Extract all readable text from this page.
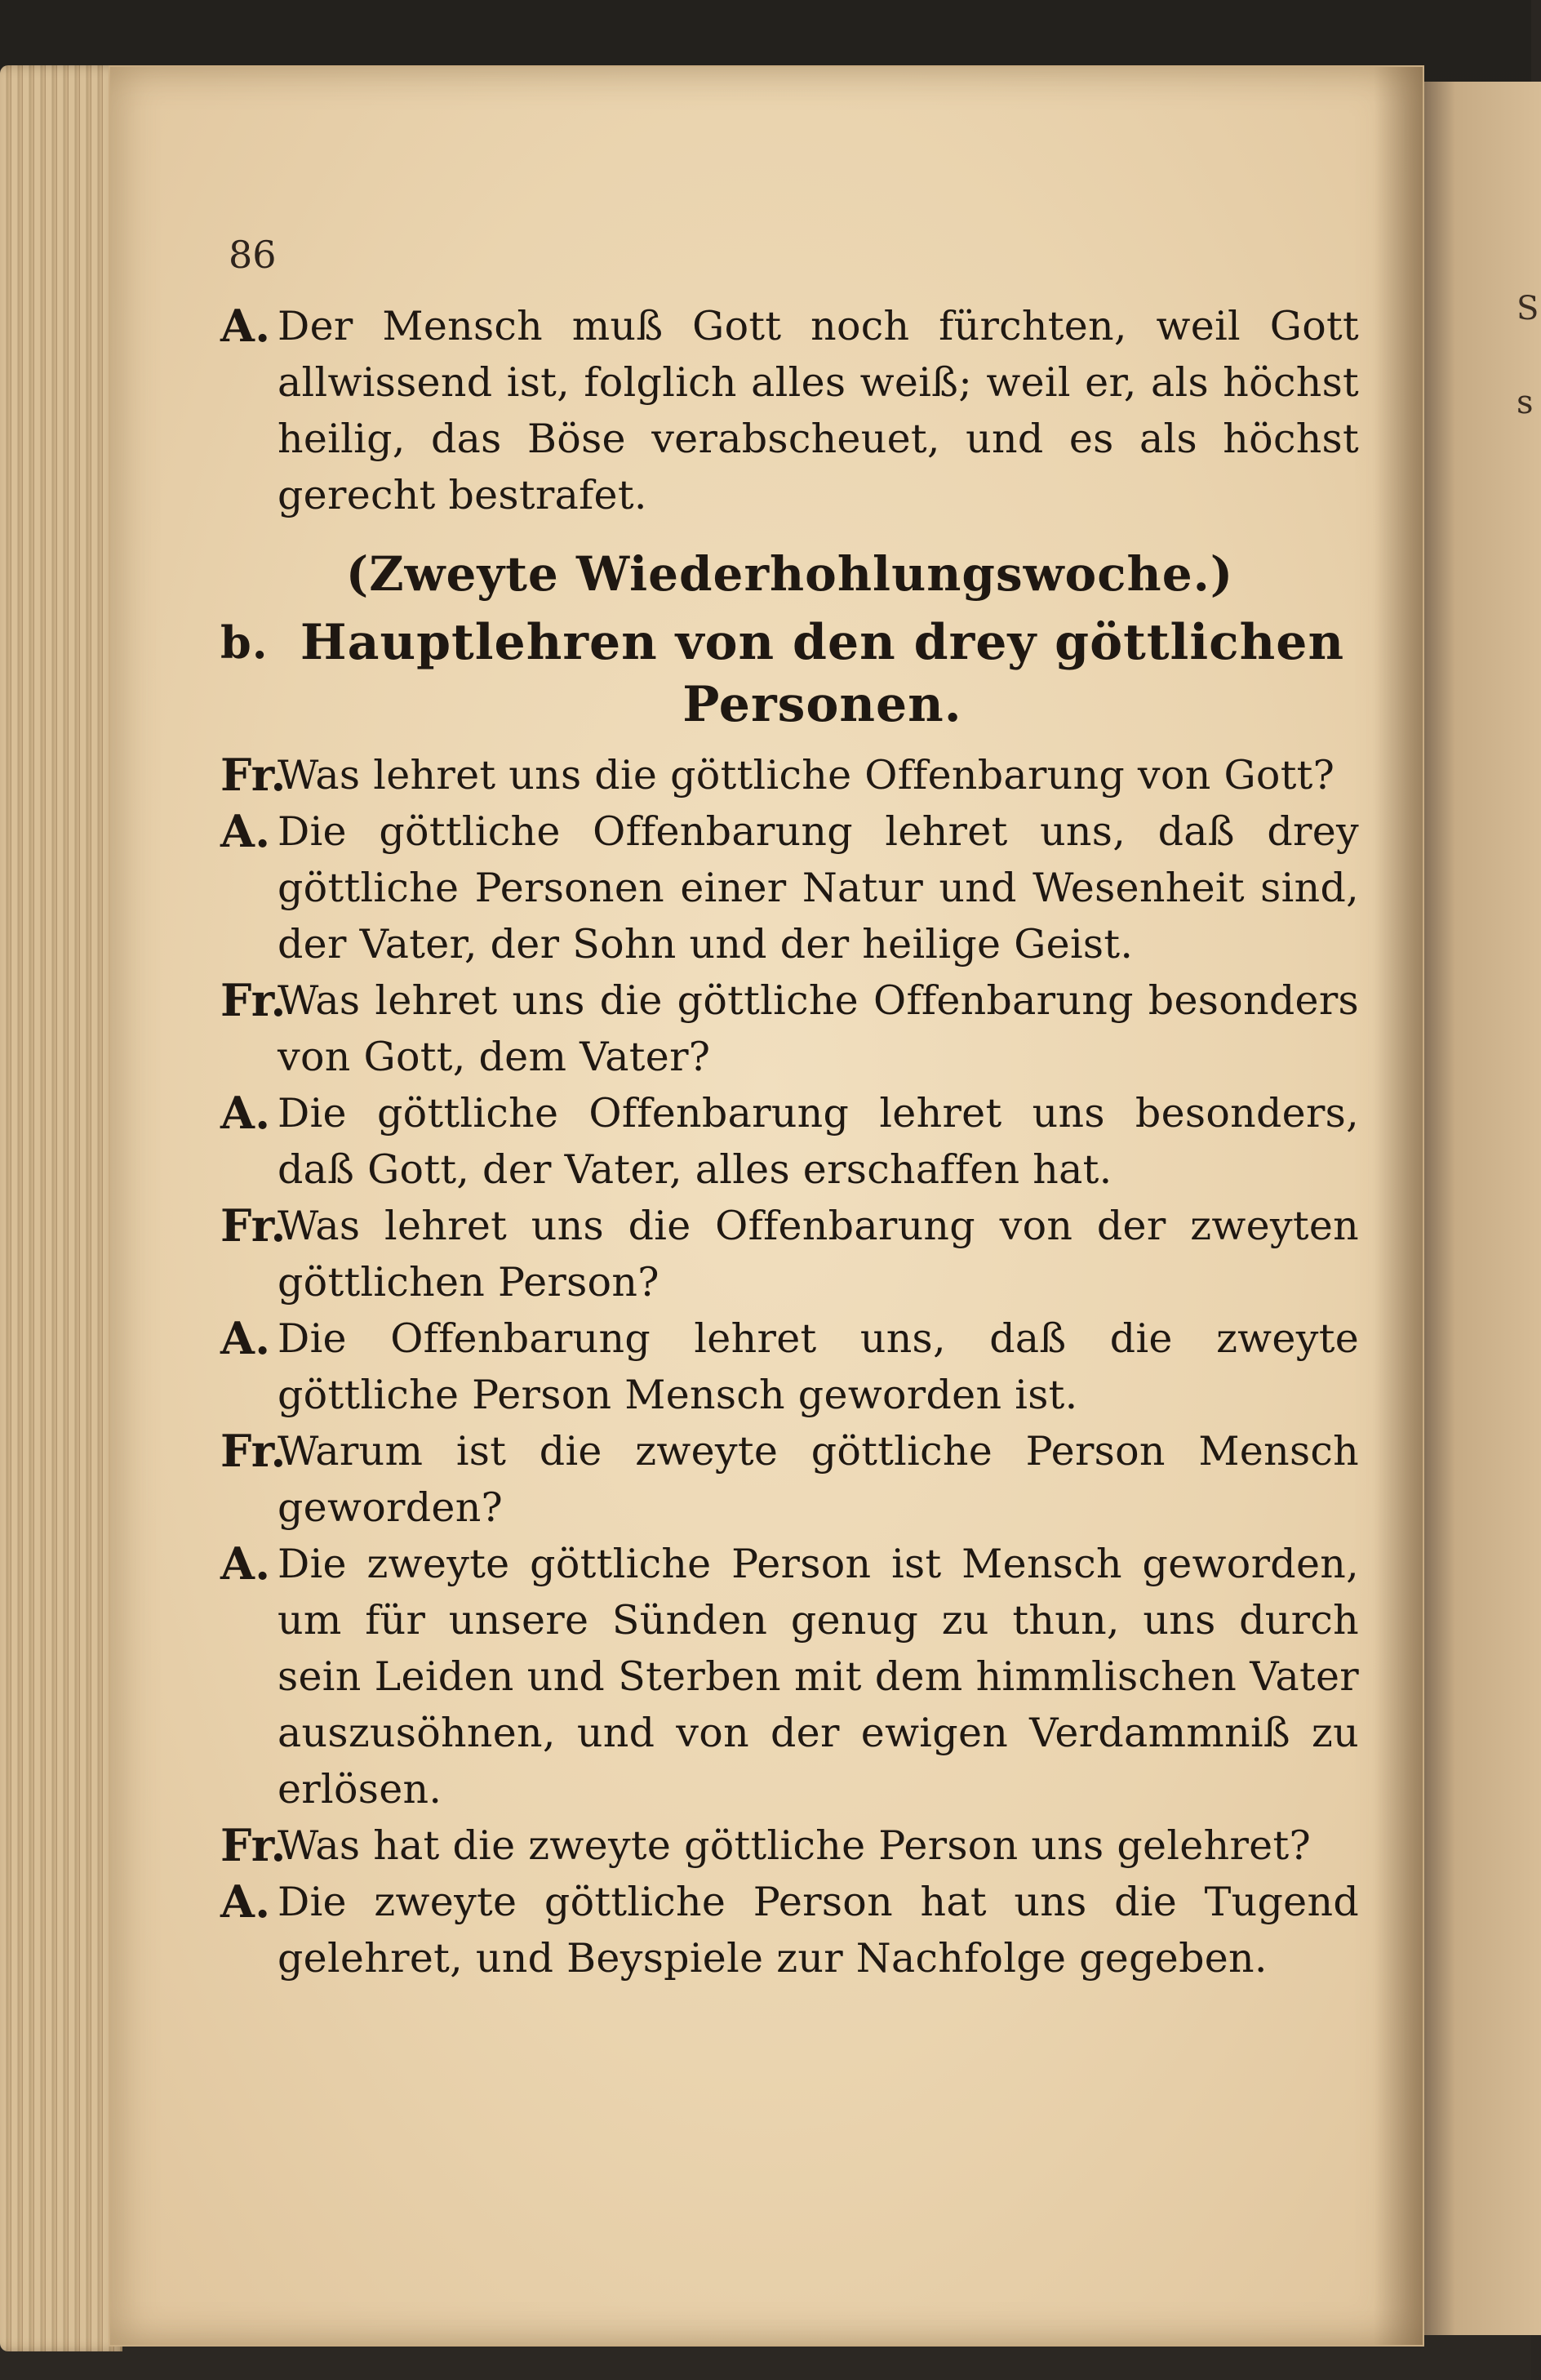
S
s
86

A. Der Mensch muß Gott noch fürchten, weil Gott allwissend ist, folglich alles weiß; weil er, als höchst heilig, das Böse verabscheuet, und es als höchst gerecht bestrafet.

(Zweyte Wiederhohlungswoche.)
b. Hauptlehren von den drey göttlichen Personen.

Fr.
Was lehret uns die göttliche Offenbarung von Gott?

A. Die göttliche Offenbarung lehret uns, daß drey göttliche Personen einer Natur und Wesenheit sind, der Vater, der Sohn und der heilige Geist.

Fr.
Was lehret uns die göttliche Offenbarung besonders von Gott, dem Vater?

A. Die göttliche Offenbarung lehret uns besonders, daß Gott, der Vater, alles erschaffen hat.

Fr.
Was lehret uns die Offenbarung von der zweyten göttlichen Person?

A. Die Offenbarung lehret uns, daß die zweyte göttliche Person Mensch geworden ist.

Fr.
Warum ist die zweyte göttliche Person Mensch geworden?

A. Die zweyte göttliche Person ist Mensch geworden, um für unsere Sünden genug zu thun, uns durch sein Leiden und Sterben mit dem himmlischen Vater auszusöhnen, und von der ewigen Verdammniß zu erlösen.

Fr.
Was hat die zweyte göttliche Person uns gelehret?

A. Die zweyte göttliche Person hat uns die Tugend gelehret, und Beyspiele zur Nachfolge gegeben.
